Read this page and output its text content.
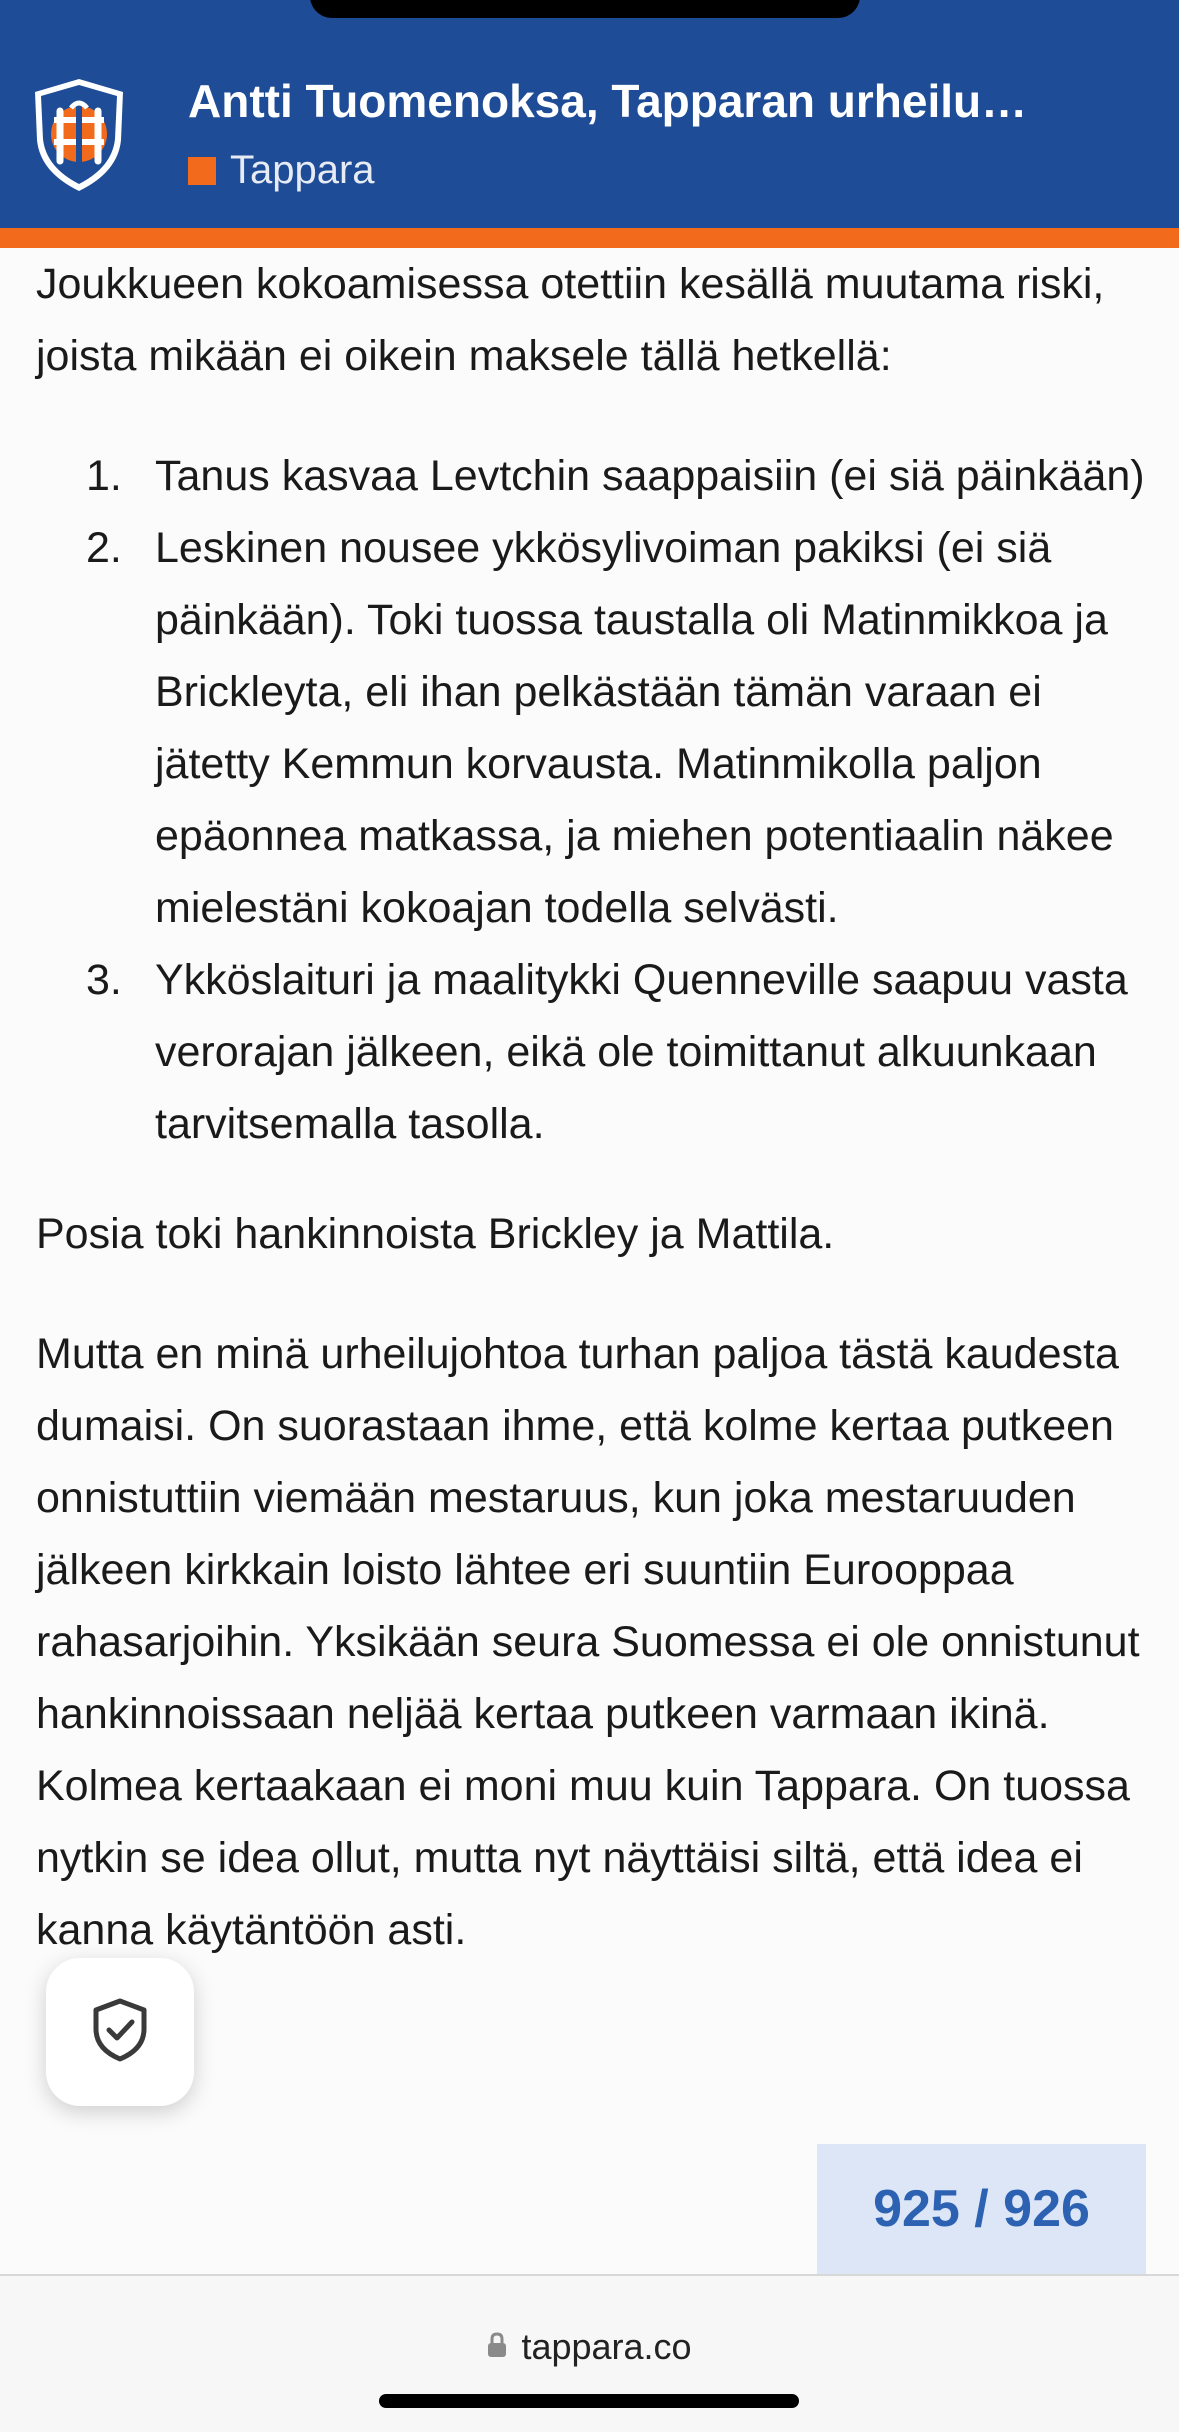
Antti Tuomenoksa, Tapparan urheilu…
Tappara

Joukkueen kokoamisessa otettiin kesällä muutama riski, joista mikään ei oikein maksele tällä hetkellä:

1. Tanus kasvaa Levtchin saappaisiin (ei siä päinkään)
2. Leskinen nousee ykkösylivoiman pakiksi (ei siä päinkään). Toki tuossa taustalla oli Matinmikkoa ja Brickleyta, eli ihan pelkästään tämän varaan ei jätetty Kemmun korvausta. Matinmikolla paljon epäonnea matkassa, ja miehen potentiaalin näkee mielestäni kokoajan todella selvästi.
3. Ykköslaituri ja maalitykki Quenneville saapuu vasta verorajan jälkeen, eikä ole toimittanut alkuunkaan tarvitsemalla tasolla.

Posia toki hankinnoista Brickley ja Mattila.

Mutta en minä urheilujohtoa turhan paljoa tästä kaudesta dumaisi. On suorastaan ihme, että kolme kertaa putkeen onnistuttiin viemään mestaruus, kun joka mestaruuden jälkeen kirkkain loisto lähtee eri suuntiin Eurooppaa rahasarjoihin. Yksikään seura Suomessa ei ole onnistunut hankinnoissaan neljää kertaa putkeen varmaan ikinä. Kolmea kertaakaan ei moni muu kuin Tappara. On tuossa nytkin se idea ollut, mutta nyt näyttäisi siltä, että idea ei kanna käytäntöön asti.

925 / 926
tappara.co
